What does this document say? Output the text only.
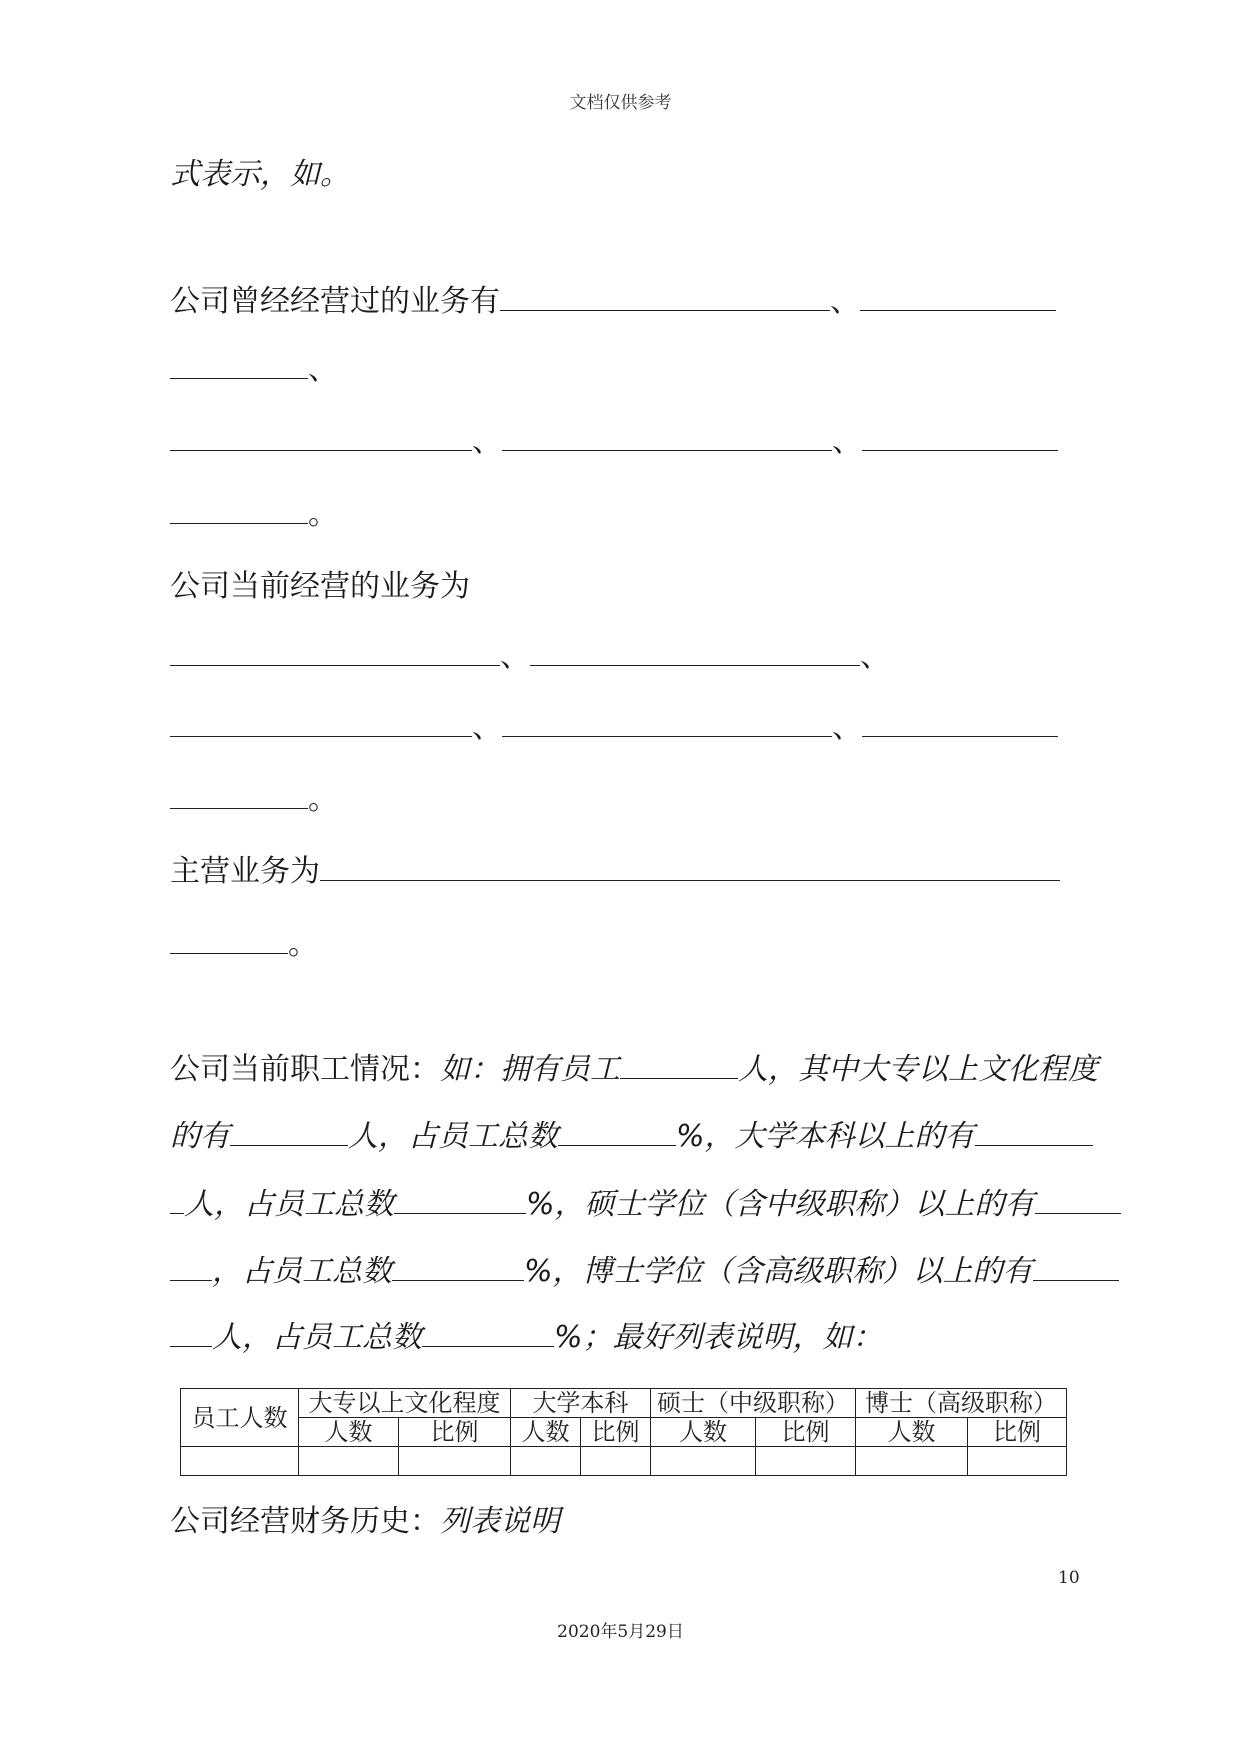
文档仅供参考
式表示，如。
公司曾经经营过的业务有	、
、
、	、
。
公司当前经营的业务为
、	、
、	、
。
主营业务为
。
公司当前职工情况：如：拥有员工	人，其中大专以上文化程度
的有	人，占员工总数	%，大学本科以上的有
人，占员工总数	%，硕士学位（含中级职称）以上的有
，占员工总数	%，博士学位（含高级职称）以上的有
人，占员工总数	%；最好列表说明，如：
员工人数	大专以上文化程度		大学本科		硕士（中级职称）		博士（高级职称）	
	人数	比例	人数	比例	人数	比例	人数	比例

公司经营财务历史：列表说明
10
2020年5月29日
